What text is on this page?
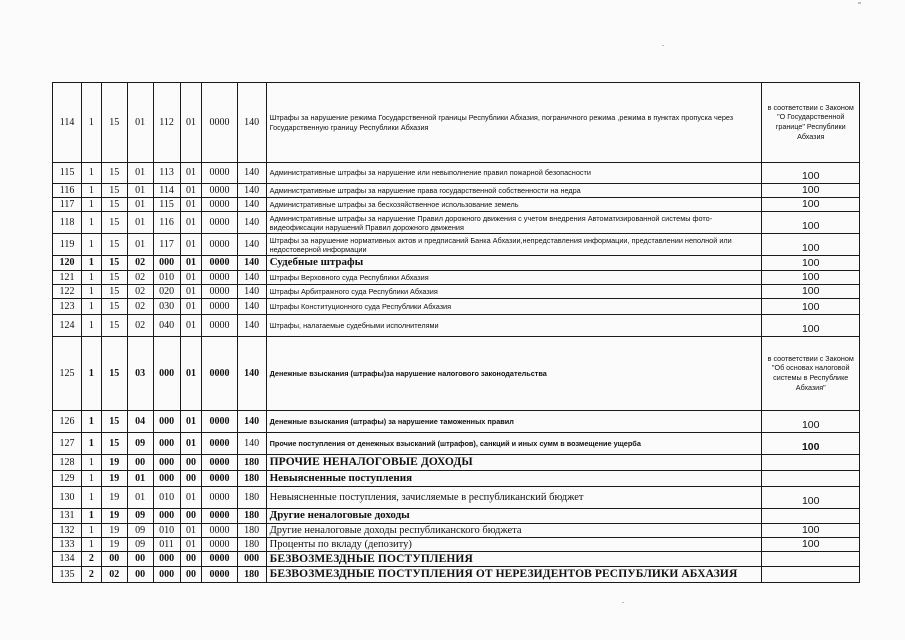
114	1	15	01	112	01	0000	140	Штрафы за нарушение режима Государственной границы Республики Абхазия, пограничного режима ,режима в пунктах пропуска через Государственную границу Республики Абхазия	в соответствии с Законом "О Государственной границе" Республики Абхазия
115	1	15	01	113	01	0000	140	Административные штрафы за нарушение или невыполнение правил пожарной безопасности	100
116	1	15	01	114	01	0000	140	Административные штрафы за нарушение права государственной собственности на недра	100
117	1	15	01	115	01	0000	140	Административные штрафы за бесхозяйственное использование земель	100
118	1	15	01	116	01	0000	140	Административные штрафы за нарушение Правил дорожного движения с учетом внедрения Автоматизированной системы фото-видеофиксации нарушений Правил дорожного движения	100
119	1	15	01	117	01	0000	140	Штрафы за нарушение нормативных актов и предписаний Банка Абхазии,непредставления информации, представлении неполной или недостоверной информации	100
120	1	15	02	000	01	0000	140	Судебные штрафы	100
121	1	15	02	010	01	0000	140	Штрафы Верховного суда Республики Абхазия	100
122	1	15	02	020	01	0000	140	Штрафы Арбитражного суда Республики Абхазия	100
123	1	15	02	030	01	0000	140	Штрафы Конституционного суда Республики Абхазия	100
124	1	15	02	040	01	0000	140	Штрафы, налагаемые судебными исполнителями	100
125	1	15	03	000	01	0000	140	Денежные взыскания (штрафы)за нарушение налогового законодательства	в соответствии с Законом "Об основах налоговой системы в Республике Абхазия"
126	1	15	04	000	01	0000	140	Денежные взыскания (штрафы) за нарушение таможенных правил	100
127	1	15	09	000	01	0000	140	Прочие поступления от денежных взысканий (штрафов), санкций и иных сумм в возмещение ущерба	100
128	1	19	00	000	00	0000	180	ПРОЧИЕ НЕНАЛОГОВЫЕ ДОХОДЫ	
129	1	19	01	000	00	0000	180	Невыясненные поступления	
130	1	19	01	010	01	0000	180	Невыясненные поступления, зачисляемые в республиканский бюджет	100
131	1	19	09	000	00	0000	180	Другие неналоговые доходы	
132	1	19	09	010	01	0000	180	Другие неналоговые доходы республиканского бюджета	100
133	1	19	09	011	01	0000	180	Проценты по вкладу (депозиту)	100
134	2	00	00	000	00	0000	000	БЕЗВОЗМЕЗДНЫЕ ПОСТУПЛЕНИЯ	
135	2	02	00	000	00	0000	180	БЕЗВОЗМЕЗДНЫЕ ПОСТУПЛЕНИЯ ОТ НЕРЕЗИДЕНТОВ РЕСПУБЛИКИ АБХАЗИЯ	
